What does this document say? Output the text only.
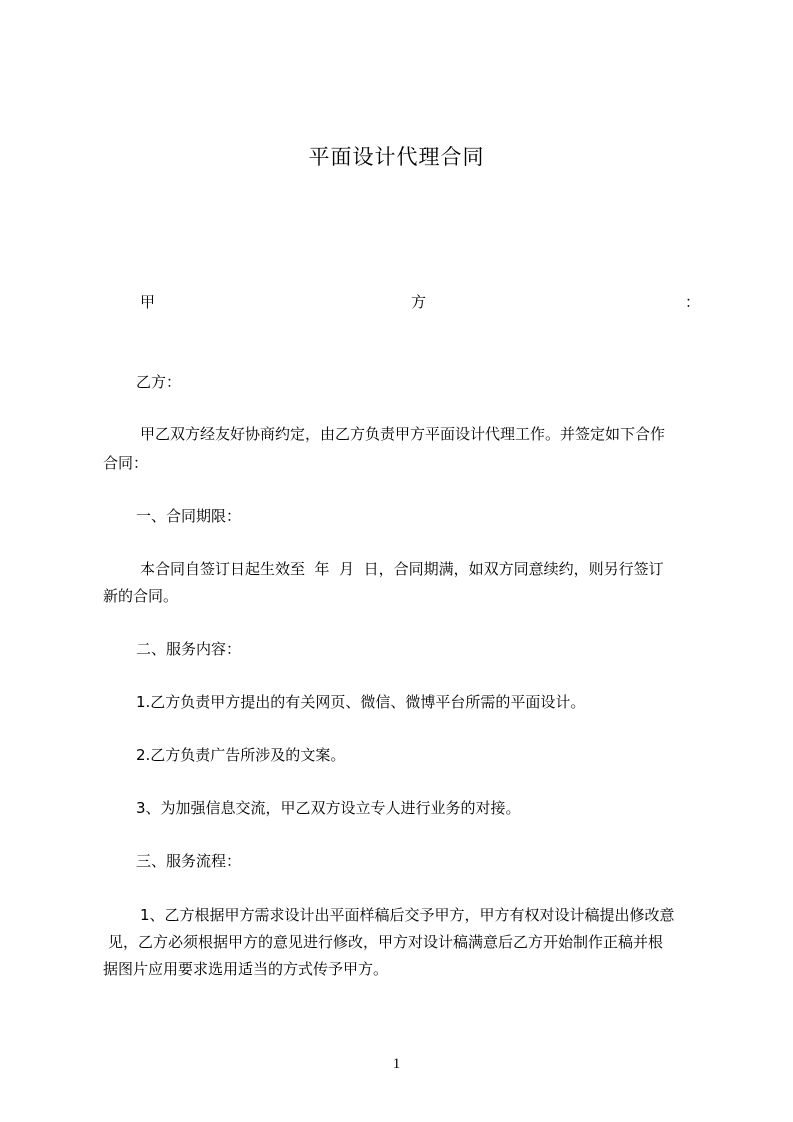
平面设计代理合同
甲	方	：
乙方：
甲乙双方经友好协商约定，由乙方负责甲方平面设计代理工作。并签定如下合作
合同：
一、合同期限：
本合同自签订日起生效至  年  月  日，合同期满，如双方同意续约，则另行签订
新的合同。
二、服务内容：
1.乙方负责甲方提出的有关网页、微信、微博平台所需的平面设计。
2.乙方负责广告所涉及的文案。
3、为加强信息交流，甲乙双方设立专人进行业务的对接。
三、服务流程：
1、乙方根据甲方需求设计出平面样稿后交予甲方，甲方有权对设计稿提出修改意
见，乙方必须根据甲方的意见进行修改，甲方对设计稿满意后乙方开始制作正稿并根
据图片应用要求选用适当的方式传予甲方。
1
